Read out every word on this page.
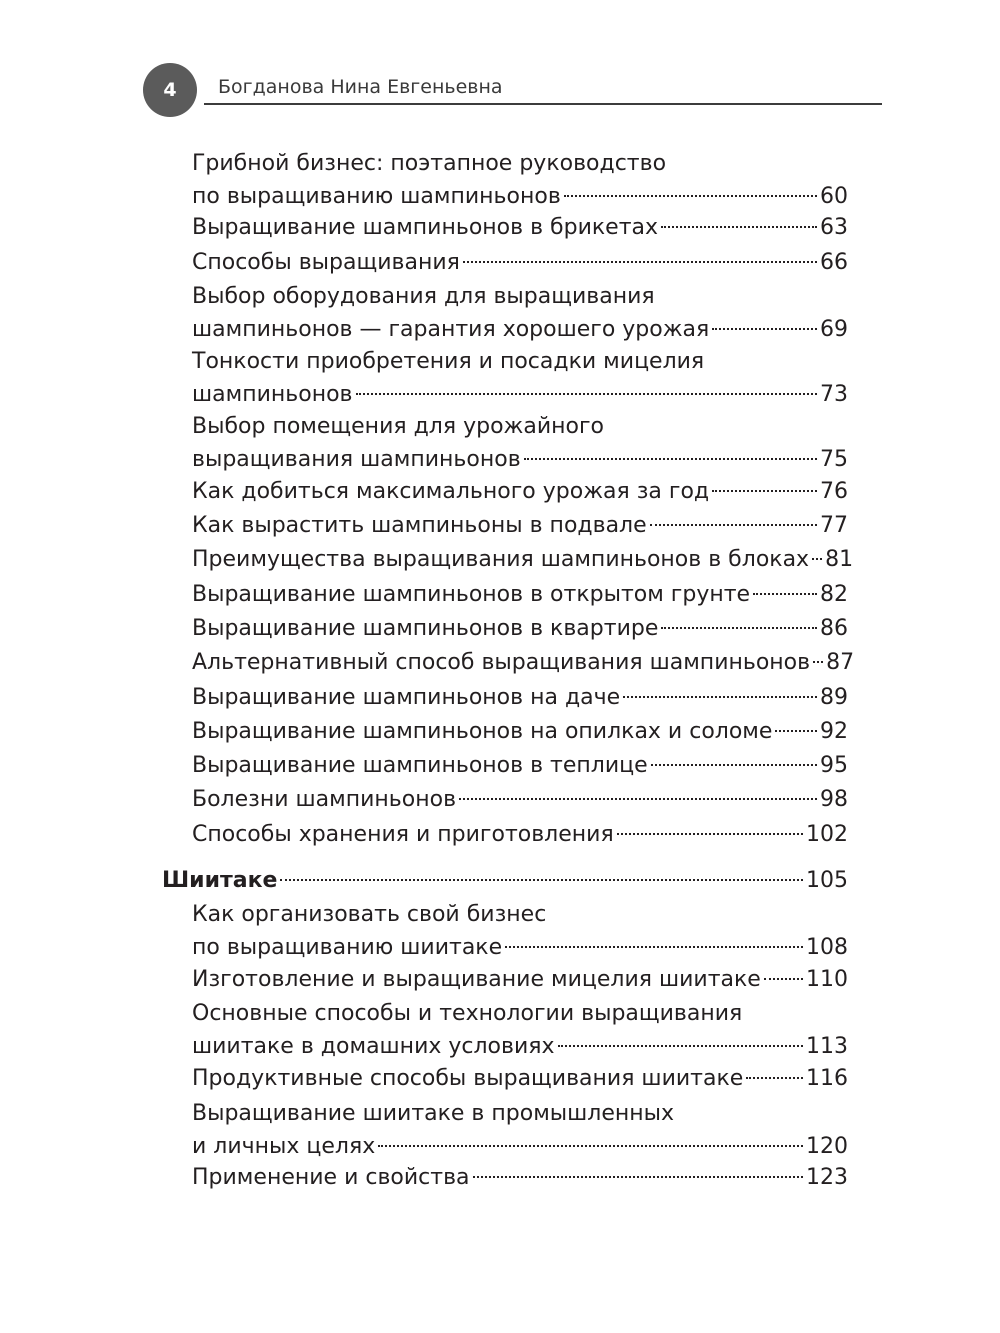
4	Богданова Нина Евгеньевна
Грибной бизнес: поэтапное руководство
по выращиванию шампиньонов	60
Выращивание шампиньонов в брикетах	63
Способы выращивания	66
Выбор оборудования для выращивания
шампиньонов — гарантия хорошего урожая	69
Тонкости приобретения и посадки мицелия
шампиньонов	73
Выбор помещения для урожайного
выращивания шампиньонов	75
Как добиться максимального урожая за год	76
Как вырастить шампиньоны в подвале	77
Преимущества выращивания шампиньонов в блоках 81
Выращивание шампиньонов в открытом грунте	82
Выращивание шампиньонов в квартире	86
Альтернативный способ выращивания шампиньонов 87
Выращивание шампиньонов на даче	89
Выращивание шампиньонов на опилках и соломе 92
Выращивание шампиньонов в теплице	95
Болезни шампиньонов	98
Способы хранения и приготовления	102
Шиитаке	105
Как организовать свой бизнес
по выращиванию шиитаке	108
Изготовление и выращивание мицелия шиитаке 110
Основные способы и технологии выращивания
шиитаке в домашних условиях	113
Продуктивные способы выращивания шиитаке	116
Выращивание шиитаке в промышленных
и личных целях	120
Применение и свойства	123
